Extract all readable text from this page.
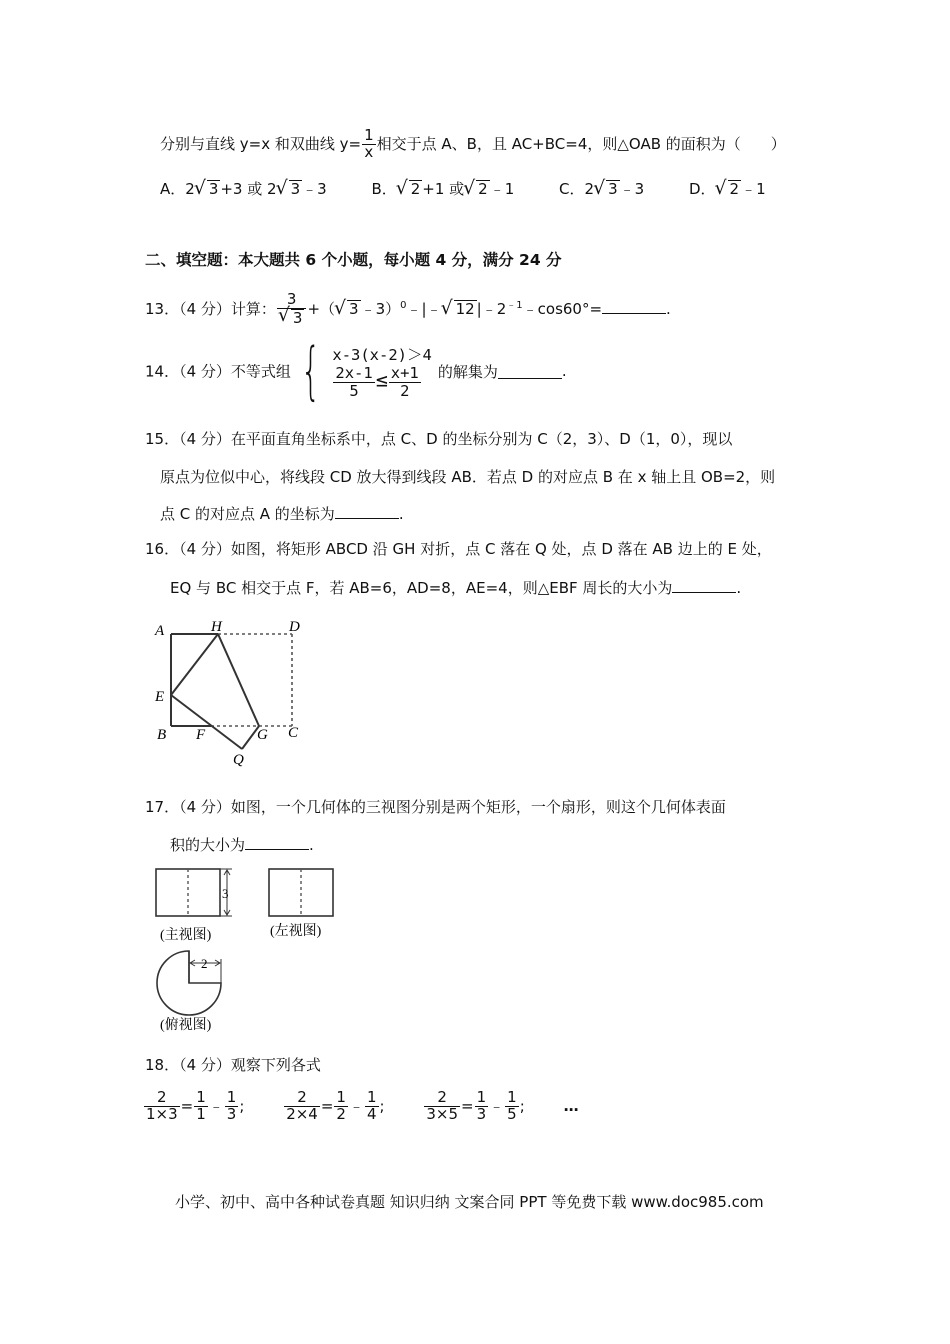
分别与直线 y=x 和双曲线 $y= \frac{1}{x}$ 相交于点 A、B，且 AC+BC=4，则△OAB 的面积为（　　）
A．2 √ 3 +3 或 2 √ 3 ﹣3	B． √ 2 +1 或 √ 2 ﹣1	C．2 √ 3 ﹣3	D． √ 2 ﹣1
二、填空题：本大题共 6 个小题，每小题 4 分，满分 24 分
13．（4 分）计算： 3
√ 3 +（ √ 3 ﹣3）$^0$﹣|﹣ √ 12 $|﹣2^{﹣1}﹣\cos 60^\circ=$	.
14．（4 分）不等式组 { x-3(x-2)＞4
$\frac{2x-1}{5} \le \frac{x+1}{2}$ 的解集为	.
15．（4 分）在平面直角坐标系中，点 C、D 的坐标分别为 C（2，3）、D（1，0），现以
原点为位似中心，将线段 CD 放大得到线段 AB．若点 D 的对应点 B 在 x 轴上且 OB=2，则
点 C 的对应点 A 的坐标为	.
16．（4 分）如图，将矩形 ABCD 沿 GH 对折，点 C 落在 Q 处，点 D 落在 AB 边上的 E 处，
EQ 与 BC 相交于点 F，若 AB=6，AD=8，AE=4，则△EBF 周长的大小为	.
A	H	D
E
B F	G C
Q
17．（4 分）如图，一个几何体的三视图分别是两个矩形，一个扇形，则这个几何体表面
积的大小为	.
3
(主视图)	(左视图)
2
(俯视图)
18．（4 分）观察下列各式
$\frac{2}{1\times 3} = \frac{1}{1}$ ﹣ $\frac{1}{3}$ ;	$\frac{2}{2\times 4} = \frac{1}{2}$ ﹣ $\frac{1}{4}$ ;	$\frac{2}{3\times 5} = \frac{1}{3}$ ﹣ $\frac{1}{5}$ ;	…
小学、初中、高中各种试卷真题 知识归纳 文案合同 PPT 等免费下载 www.doc985.com
